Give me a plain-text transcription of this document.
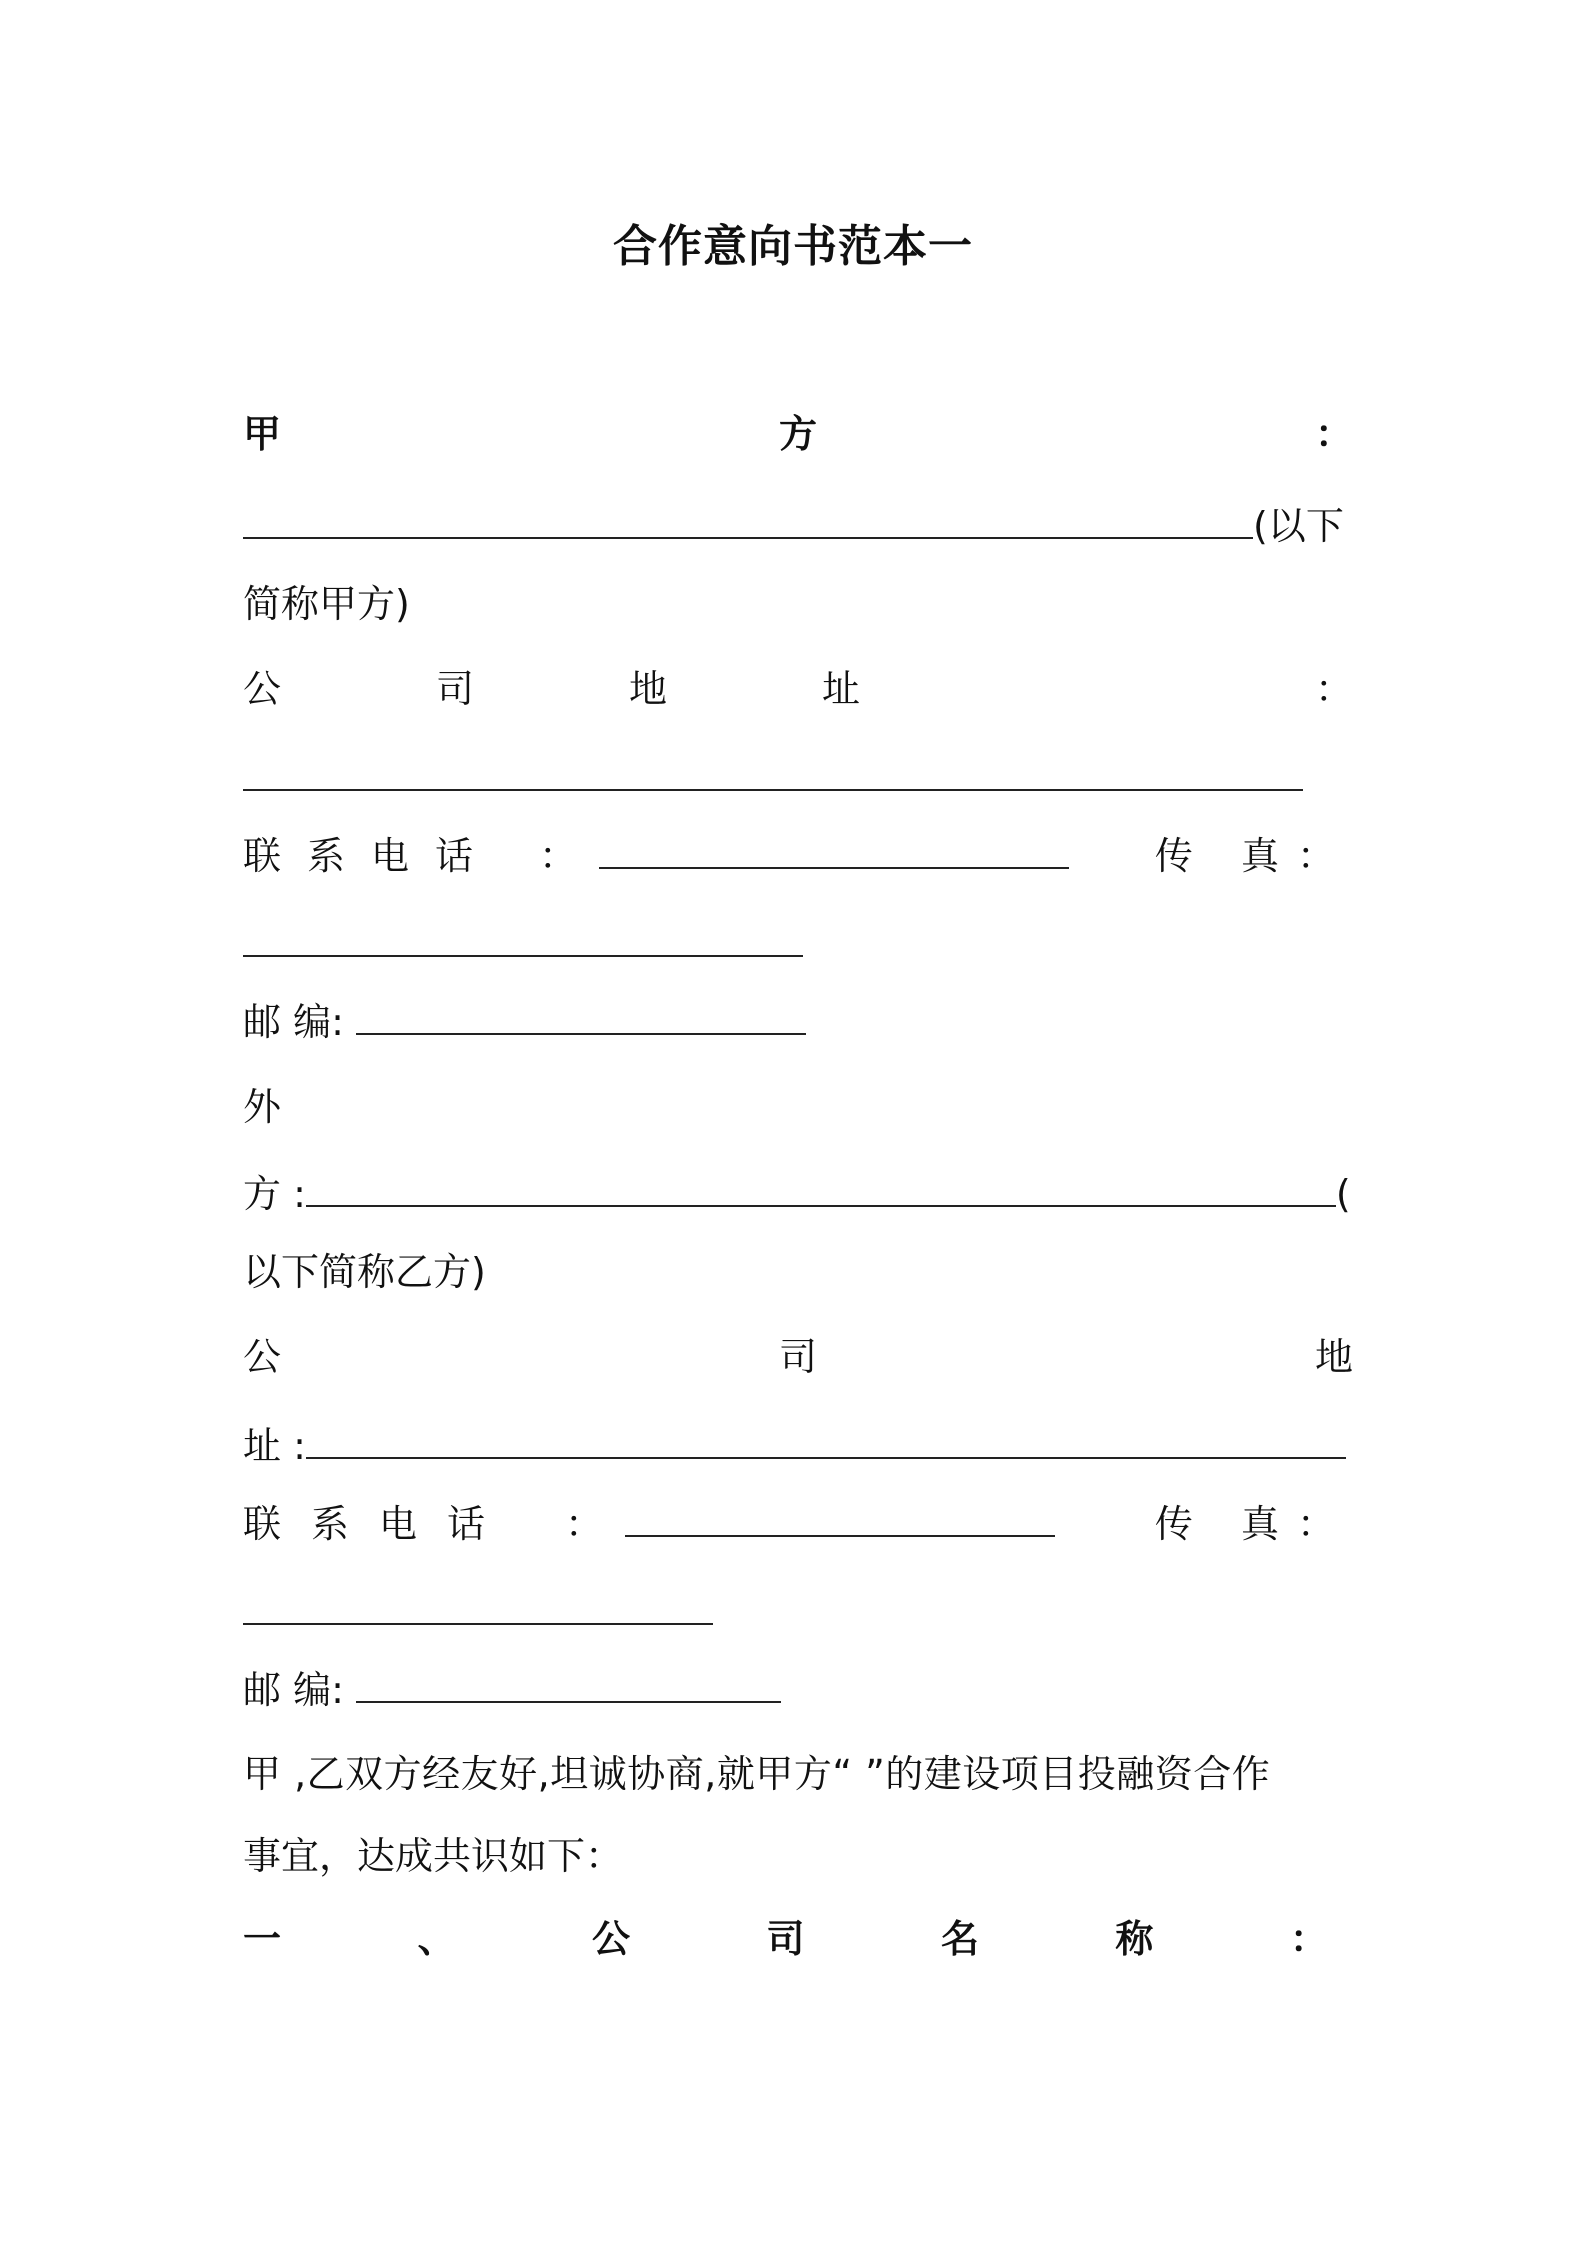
合作意向书范本一
甲	方	：
(以下
简称甲方)
公	司	地	址	：
联系电话 ：	传 真：
邮 编:
外
方 :	(
以下简称乙方)
公	司	地
址 :
联系电话 ：	传 真：
邮 编:
甲 ,乙双方经友好,坦诚协商,就甲方“ ”的建设项目投融资合作
事宜，达成共识如下：
一	、	公	司	名	称	：
